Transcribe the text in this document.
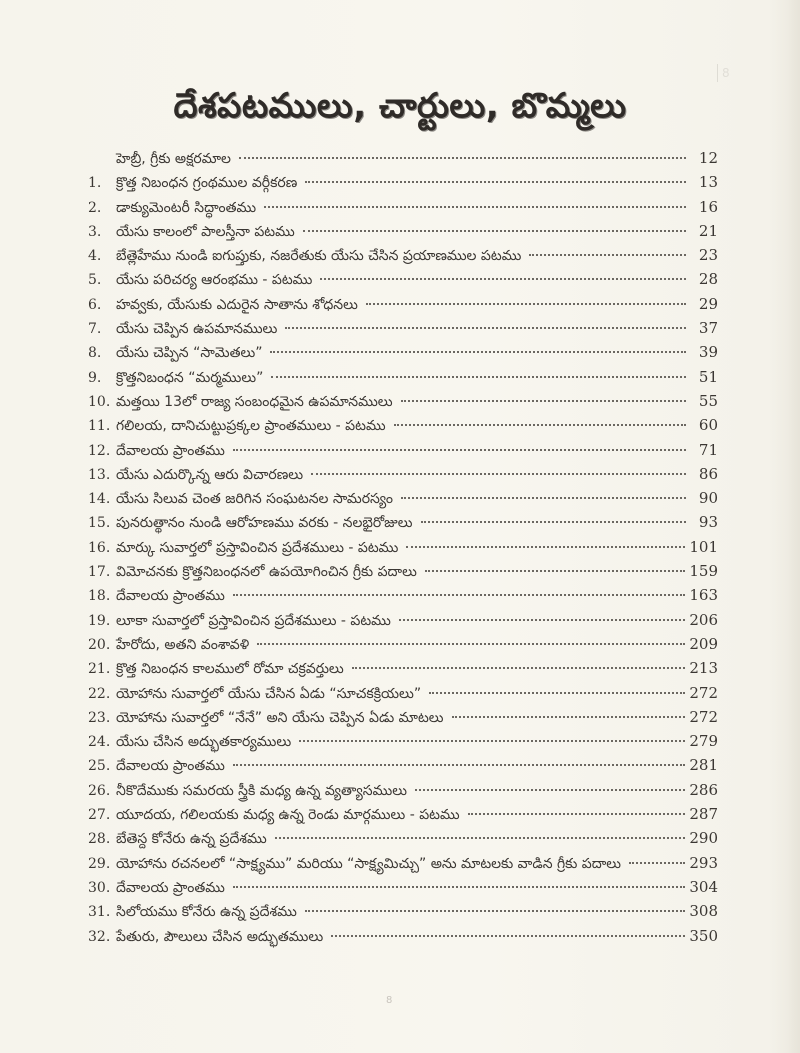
8
దేశపటములు, చార్టులు, బొమ్మలు
హెబ్రీ, గ్రీకు అక్షరమాల	12
1.	క్రొత్త నిబంధన గ్రంథముల వర్గీకరణ	13
2.	డాక్యుమెంటరీ సిద్ధాంతము	16
3.	యేసు కాలంలో పాలస్తీనా పటము	21
4.	బేత్లెహేము నుండి ఐగుప్తుకు, నజరేతుకు యేసు చేసిన ప్రయాణముల పటము	23
5.	యేసు పరిచర్య ఆరంభము - పటము	28
6.	హవ్వకు, యేసుకు ఎదురైన సాతాను శోధనలు	29
7.	యేసు చెప్పిన ఉపమానములు	37
8.	యేసు చెప్పిన “సామెతలు”	39
9.	క్రొత్తనిబంధన “మర్మములు”	51
10. మత్తయి 13లో రాజ్య సంబంధమైన ఉపమానములు	55
11. గలిలయ, దానిచుట్టుప్రక్కల ప్రాంతములు - పటము	60
12. దేవాలయ ప్రాంతము	71
13. యేసు ఎదుర్కొన్న ఆరు విచారణలు	86
14. యేసు సిలువ చెంత జరిగిన సంఘటనల సామరస్యం	90
15. పునరుత్థానం నుండి ఆరోహణము వరకు - నలభైరోజులు	93
16. మార్కు సువార్తలో ప్రస్తావించిన ప్రదేశములు - పటము	101
17. విమోచనకు క్రొత్తనిబంధనలో ఉపయోగించిన గ్రీకు పదాలు	159
18. దేవాలయ ప్రాంతము	163
19. లూకా సువార్తలో ప్రస్తావించిన ప్రదేశములు - పటము	206
20. హేరోదు, అతని వంశావళి	209
21. క్రొత్త నిబంధన కాలములో రోమా చక్రవర్తులు	213
22. యోహాను సువార్తలో యేసు చేసిన ఏడు “సూచకక్రియలు”	272
23. యోహాను సువార్తలో “నేనే” అని యేసు చెప్పిన ఏడు మాటలు	272
24. యేసు చేసిన అద్భుతకార్యములు	279
25. దేవాలయ ప్రాంతము	281
26. నీకొదేముకు సమరయ స్త్రీకి మధ్య ఉన్న వ్యత్యాసములు	286
27. యూదయ, గలిలయకు మధ్య ఉన్న రెండు మార్గములు - పటము	287
28. బేతెస్ద కోనేరు ఉన్న ప్రదేశము	290
29. యోహాను రచనలలో “సాక్ష్యము” మరియు “సాక్ష్యమిచ్చు” అను మాటలకు వాడిన గ్రీకు పదాలు	293
30. దేవాలయ ప్రాంతము	304
31. సిలోయము కోనేరు ఉన్న ప్రదేశము	308
32. పేతురు, పౌలులు చేసిన అద్భుతములు	350
8
